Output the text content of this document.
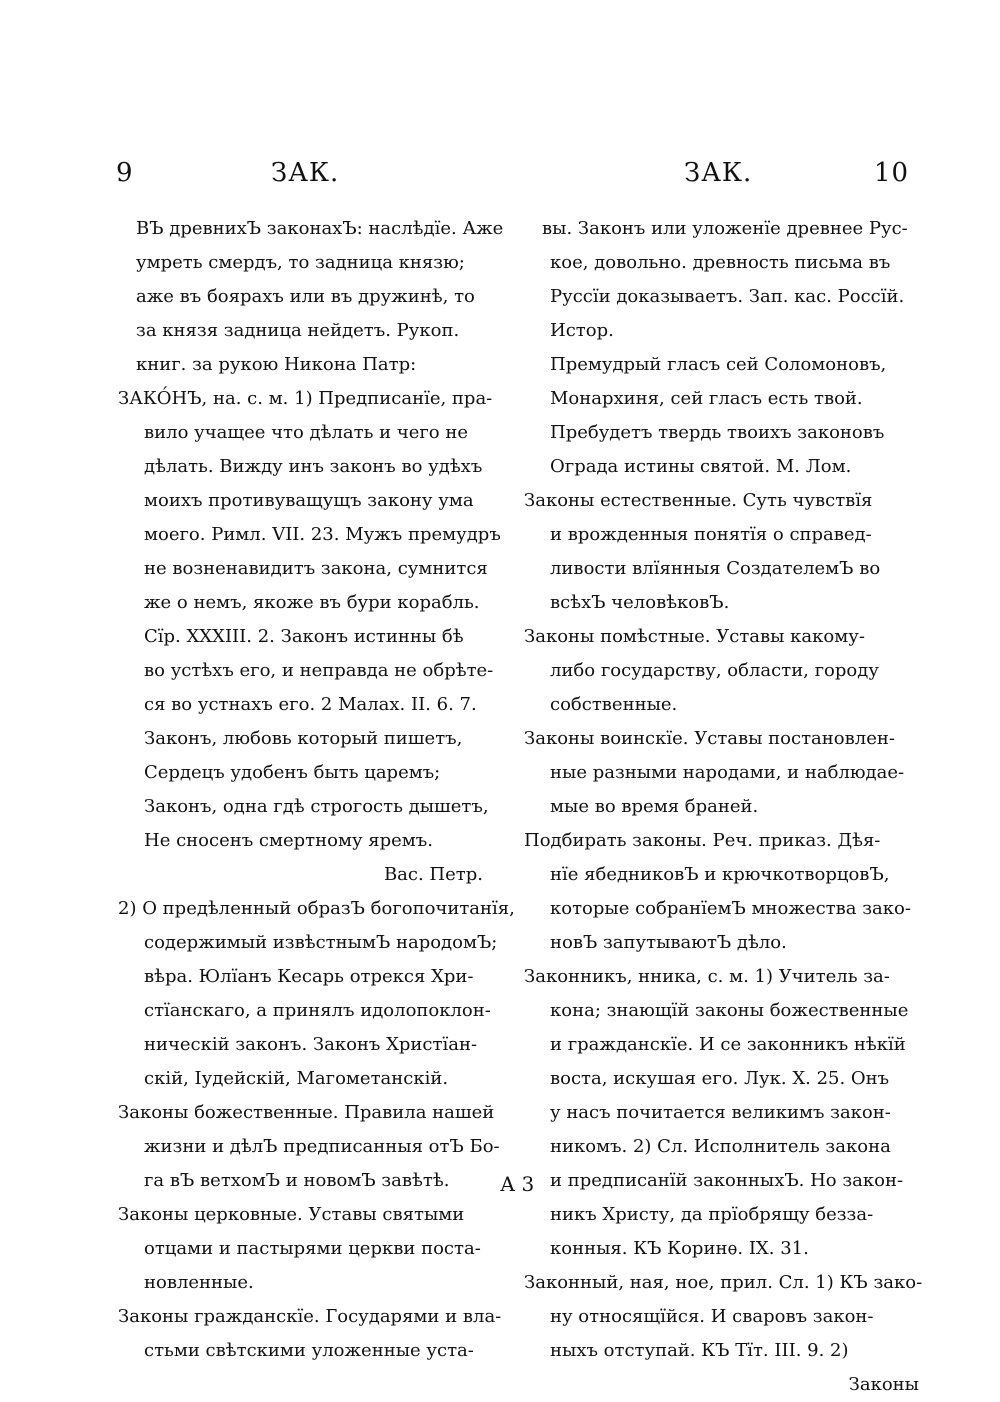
9	ЗАК.	ЗАК.	10
ВЪ древнихЪ законахЪ: наслѣдїе. Аже
умреть смердъ, то задница князю;
аже въ боярахъ или въ дружинѣ, то
за князя задница нейдетъ. Рукоп.
книг. за рукою Никона Патр:
ЗАКО́НЪ, на. с. м. 1) Предписанїе, пра-
вило учащее что дѣлать и чего не
дѣлать. Вижду инъ законъ во удѣхъ
моихъ противуващущъ закону ума
моего. Римл. VII. 23. Мужъ премудръ
не возненавидитъ закона, сумнится
же о немъ, якоже въ бури корабль.
Сїр. XXXIII. 2. Законъ истинны бѣ
во устѣхъ его, и неправда не обрѣте-
ся во устнахъ его. 2 Малах. II. 6. 7.
Законъ, любовь который пишетъ,
Сердецъ удобенъ быть царемъ;
Законъ, одна гдѣ строгость дышетъ,
Не сносенъ смертному яремъ.
Вас. Петр.
2) О предѣленный образЪ богопочитанїя,
содержимый извѣстнымЪ народомЪ;
вѣра. Юлїанъ Кесарь отрекся Хри-
стїанскаго, а принялъ идолопоклон-
ническій законъ. Законъ Христїан-
скій, Іудейскій, Магометанскій.
Законы божественные. Правила нашей
жизни и дѣлЪ предписанныя отЪ Бо-
га вЪ ветхомЪ и новомЪ завѣтѣ.
Законы церковные. Уставы святыми
отцами и пастырями церкви поста-
новленные.
Законы гражданскїе. Государями и вла-
стьми свѣтскими уложенные уста-
вы. Законъ или уложенїе древнее Рус-
кое, довольно. древность письма въ
Руссїи доказываетъ. Зап. кас. Россїй.
Истор.
Премудрый гласъ сей Соломоновъ,
Монархиня, сей гласъ есть твой.
Пребудетъ твердь твоихъ законовъ
Ограда истины святой. М. Лом.
Законы естественные. Суть чувствїя
и врожденныя понятїя о справед-
ливости влїянныя СоздателемЪ во
всѣхЪ человѣковЪ.
Законы помѣстные. Уставы какому-
либо государству, области, городу
собственные.
Законы воинскїе. Уставы постановлен-
ные разными народами, и наблюдае-
мые во время браней.
Подбирать законы. Реч. приказ. Дѣя-
нїе ябедниковЪ и крючкотворцовЪ,
которые собранїемЪ множества зако-
новЪ запутываютЪ дѣло.
Законникъ, нника, с. м. 1) Учитель за-
кона; знающїй законы божественные
и гражданскїе. И се законникъ нѣкїй
воста, искушая его. Лук. X. 25. Онъ
у насъ почитается великимъ закон-
никомъ. 2) Сл. Исполнитель закона
и предписанїй законныхЪ. Но закон-
никъ Христу, да прїобрящу безза-
конныя. КЪ Коринѳ. IX. 31.
Законный, ная, ное, прил. Сл. 1) КЪ зако-
ну относящїйся. И сваровъ закон-
ныхъ отступай. КЪ Тїт. III. 9. 2)
Законы
А 3
